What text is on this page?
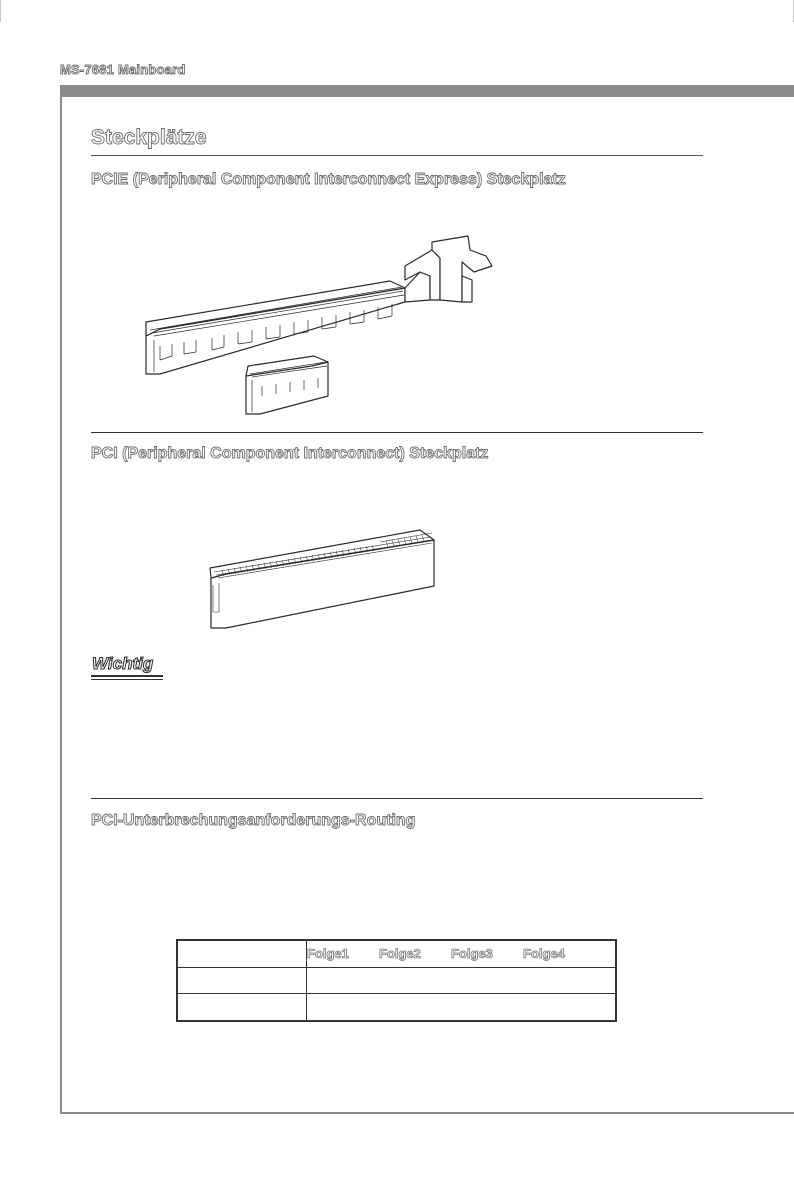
MS-7681 Mainboard
Steckplätze
PCIE (Peripheral Component Interconnect Express) Steckplatz
PCI (Peripheral Component Interconnect) Steckplatz
Wichtig
PCI-Unterbrechungsanforderungs-Routing
	Folge1 Folge2 Folge3 Folge4
